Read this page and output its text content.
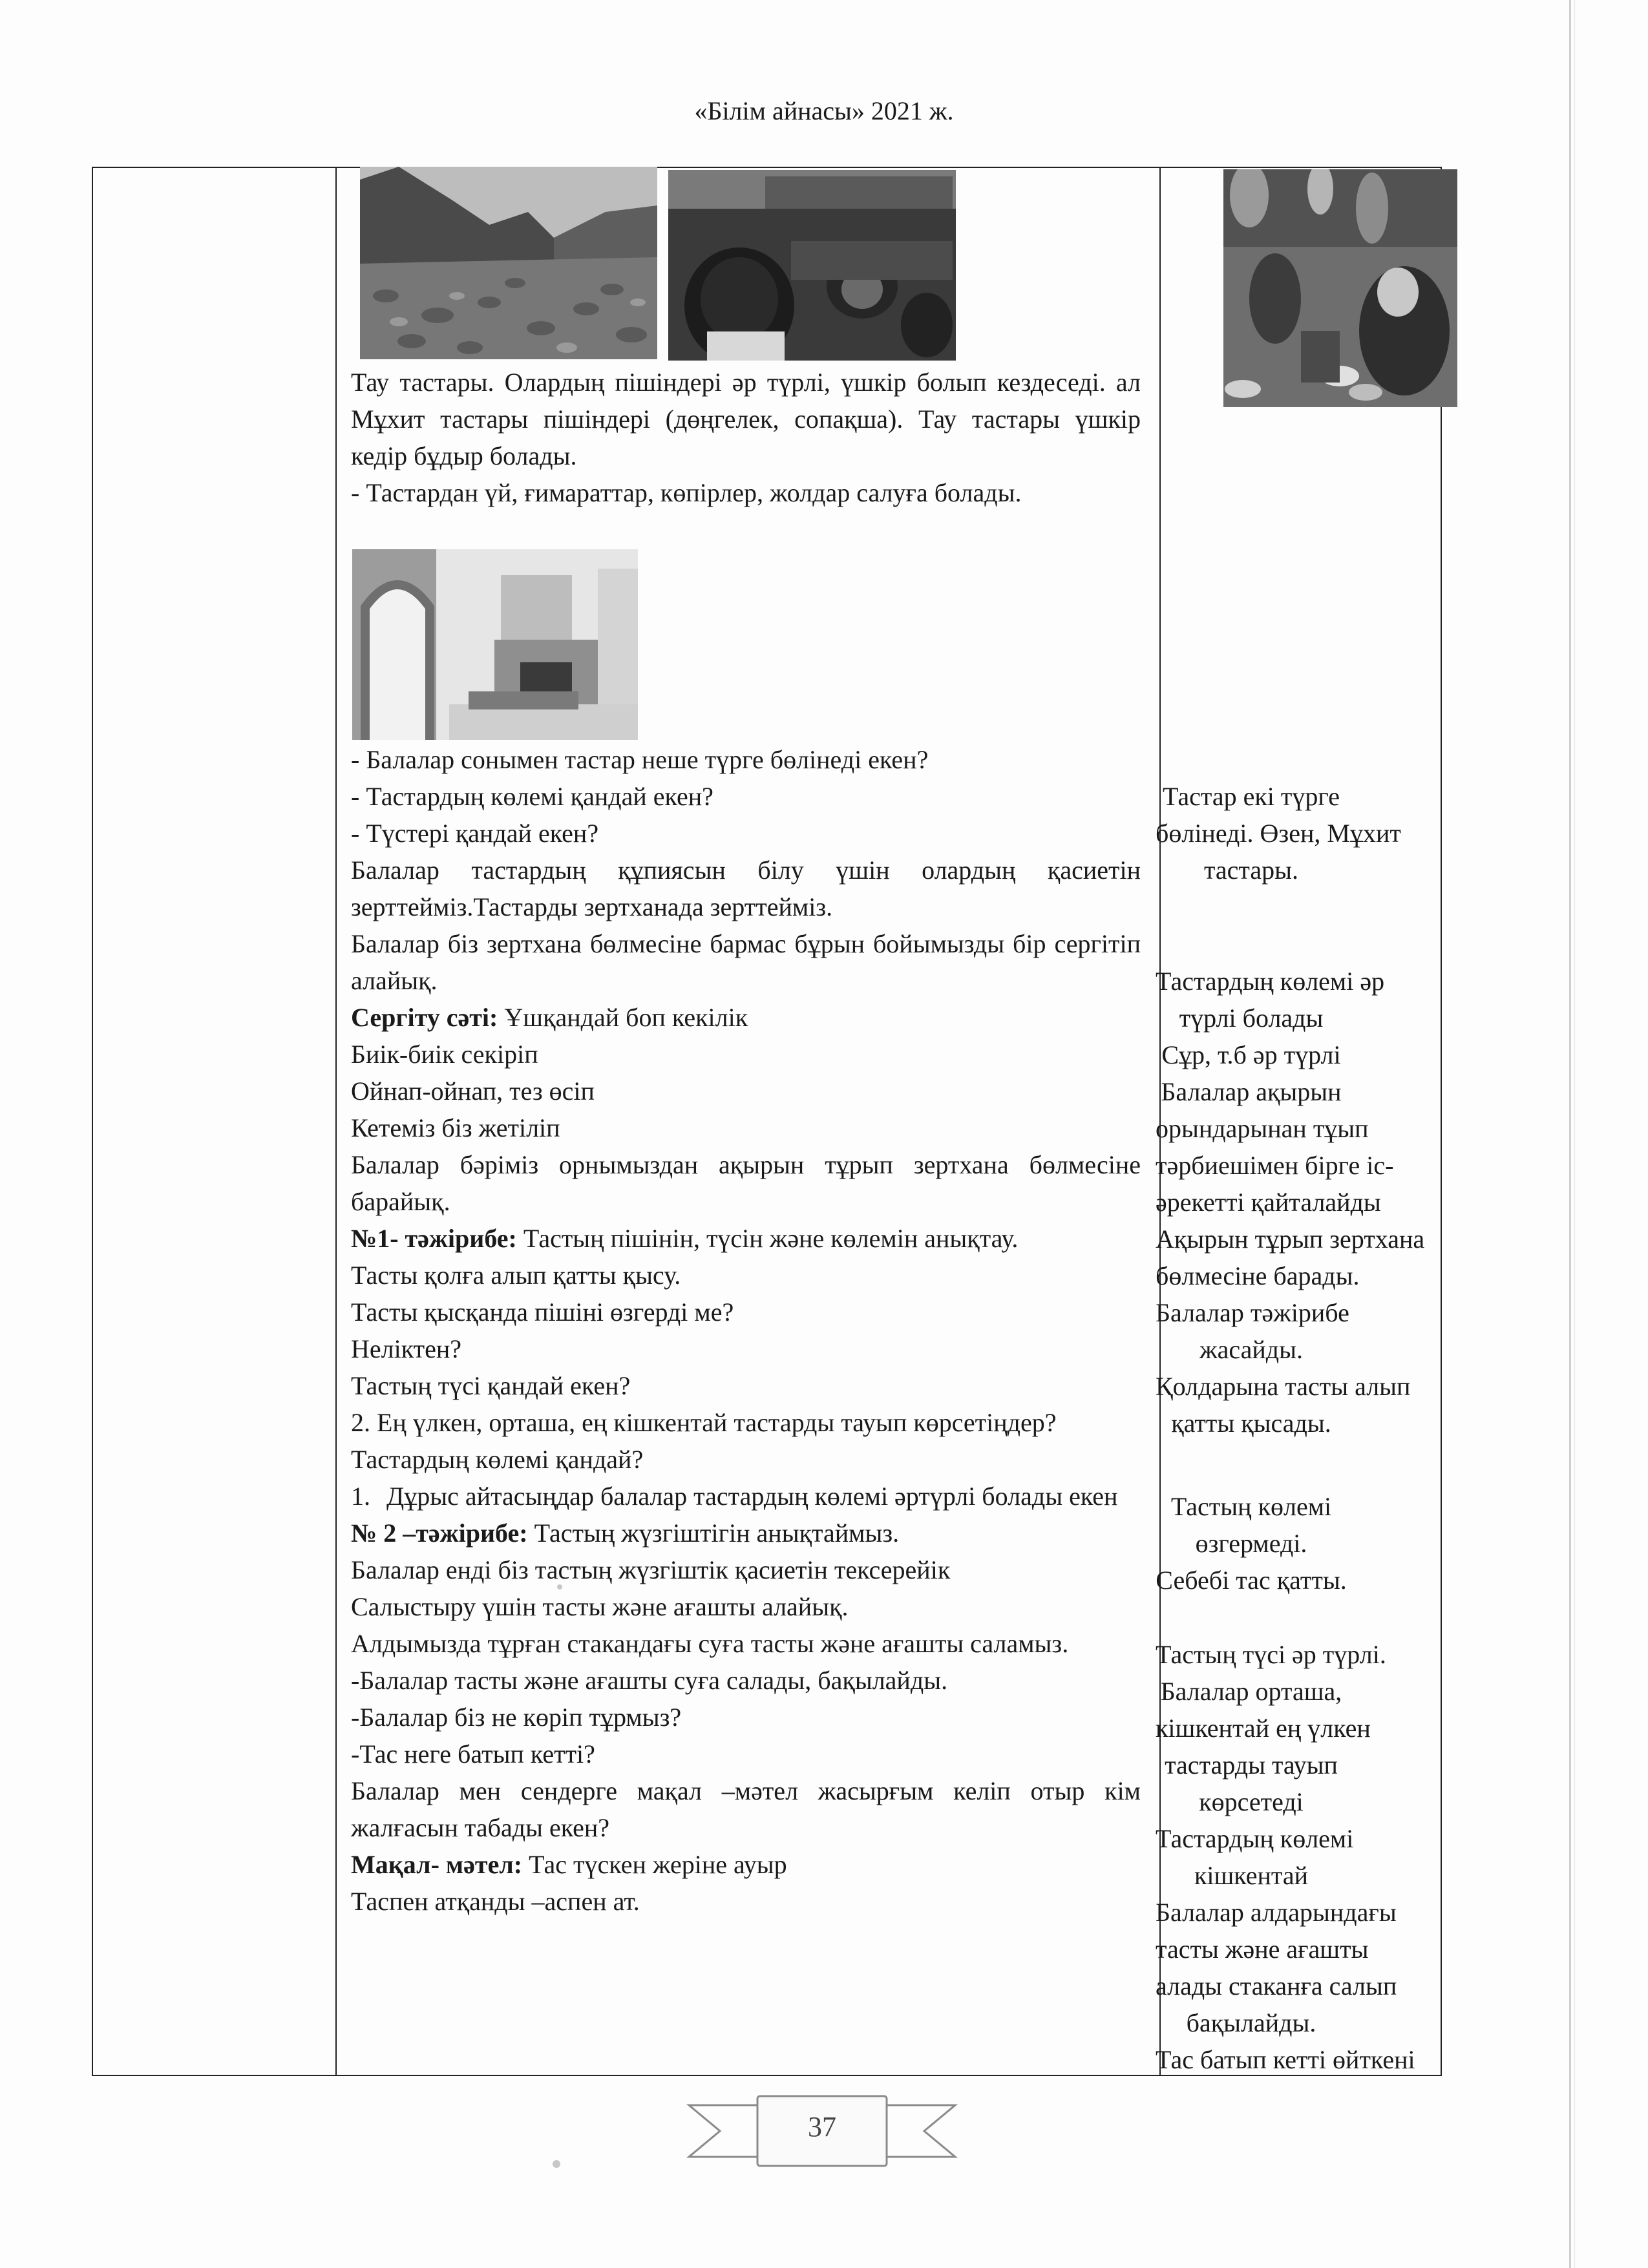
«Білім айнасы» 2021 ж.

Тау тастары. Олардың пішіндері әр түрлі, үшкір болып кездеседі. ал Мұхит тастары пішіндері (дөңгелек, сопақша). Тау тастары үшкір кедір бұдыр болады.

- Тастардан үй, ғимараттар, көпірлер, жолдар салуға болады.

- Балалар сонымен тастар неше түрге бөлінеді екен?
- Тастардың көлемі қандай екен?
- Түстері қандай екен?

Балалар тастардың құпиясын білу үшін олардың қасиетін зерттейміз.Тастарды зертханада зерттейміз.

Балалар біз зертхана бөлмесіне бармас бұрын бойымызды бір сергітіп алайық.

Сергіту сәті: Ұшқандай боп кекілік
Биік-биік секіріп
Ойнап-ойнап, тез өсіп
Кетеміз біз жетіліп

Балалар бәріміз орнымыздан ақырын тұрып зертхана бөлмесіне барайық.

№1- тәжірибе: Тастың пішінін, түсін және көлемін анықтау.

Тасты қолға алып қатты қысу.
Тасты қысқанда пішіні өзгерді ме?
Неліктен?
Тастың түсі қандай екен?

2. Ең үлкен, орташа, ең кішкентай тастарды тауып көрсетіңдер?

Тастардың көлемі қандай?
1. Дұрыс айтасыңдар балалар тастардың көлемі әртүрлі болады екен
№ 2 –тәжірибе: Тастың жүзгіштігін анықтаймыз.
Балалар енді біз тастың жүзгіштік қасиетін тексерейік
Салыстыру үшін тасты және ағашты алайық.

Алдымызда тұрған стакандағы суға тасты және ағашты саламыз.

-Балалар тасты және ағашты суға салады, бақылайды.
-Балалар біз не көріп тұрмыз?
-Тас неге батып кетті?

Балалар мен сендерге мақал –мәтел жасырғым келіп отыр кім жалғасын табады екен?

Мақал- мәтел: Тас түскен жеріне ауыр
Таспен атқанды –аспен ат.
Тастар екі түрге
бөлінеді. Өзен, Мұхит
тастары.
Тастардың көлемі әр
түрлі болады
Сұр, т.б әр түрлі
Балалар ақырын
орындарынан тұып
тәрбиешімен бірге іс-
әрекетті қайталайды
Ақырын тұрып зертхана
бөлмесіне барады.
Балалар тәжірибе
жасайды.
Қолдарына тасты алып
қатты қысады.
Тастың көлемі
өзгермеді.
Себебі тас қатты.
Тастың түсі әр түрлі.
Балалар орташа,
кішкентай ең үлкен
тастарды тауып
көрсетеді
Тастардың көлемі
кішкентай
Балалар алдарындағы
тасты және ағашты
алады стаканға салып
бақылайды.
Тас батып кетті өйткені
37
